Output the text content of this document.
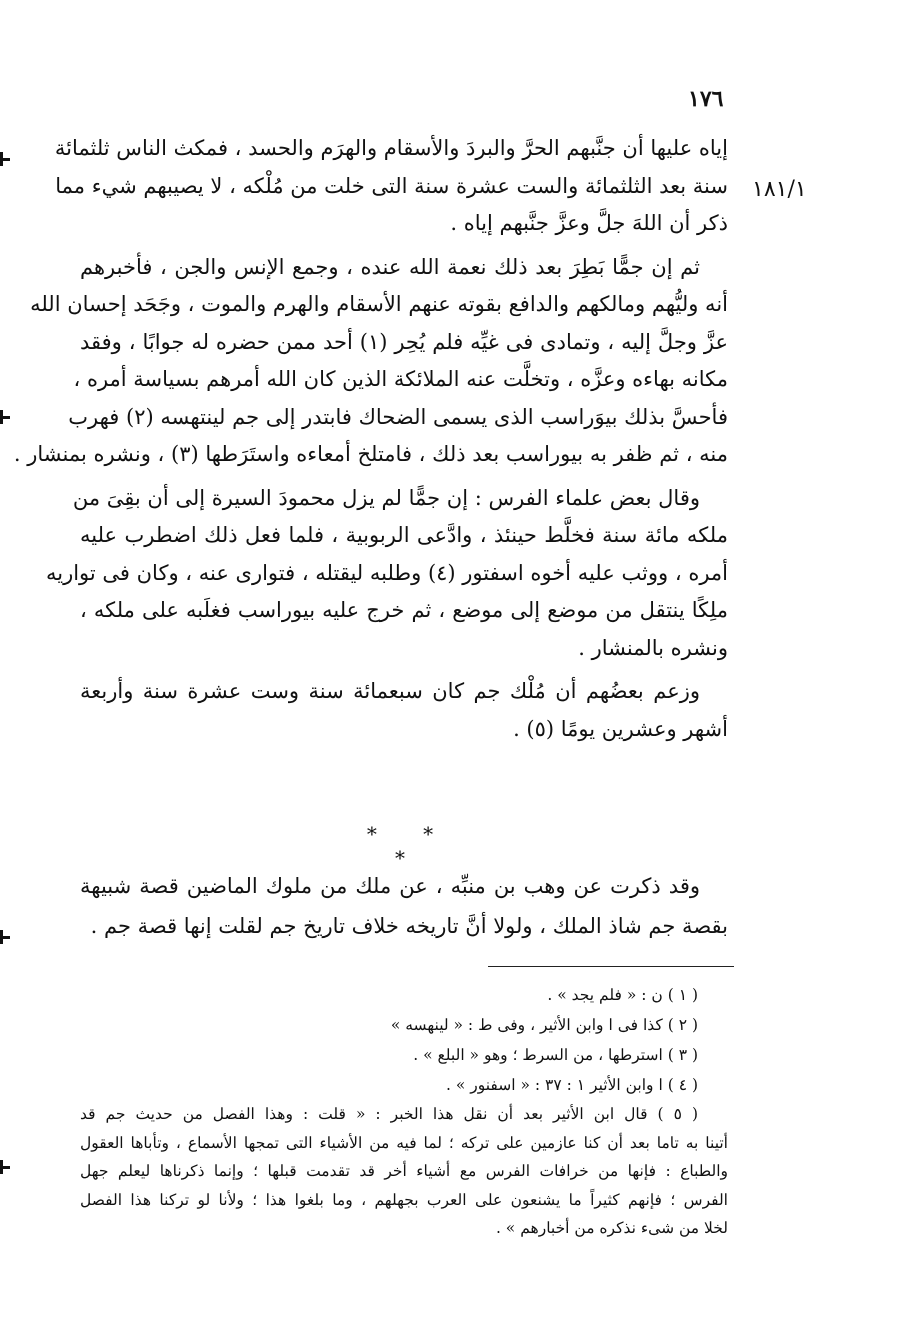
١٧٦
١٨١/١
إياه عليها أن جنَّبهم الحرَّ والبردَ والأسقام والهرَم والحسد ، فمكث الناس ثلثمائة
سنة بعد الثلثمائة والست عشرة سنة التى خلت من مُلْكه ، لا يصيبهم شيء مما
ذكر أن اللهَ جلَّ وعزَّ جنَّبهم إياه .
ثم إن جمًّا بَطِرَ بعد ذلك نعمة الله عنده ، وجمع الإنس والجن ، فأخبرهم
أنه وليُّهم ومالكهم والدافع بقوته عنهم الأسقام والهرم والموت ، وجَحَد إحسان الله
عزَّ وجلَّ إليه ، وتمادى فى غيِّه فلم يُحِر (١) أحد ممن حضره له جوابًا ، وفقد
مكانه بهاءه وعزَّه ، وتخلَّت عنه الملائكة الذين كان الله أمرهم بسياسة أمره ،
فأحسَّ بذلك بيوَراسب الذى يسمى الضحاك فابتدر إلى جم لينتهسه (٢) فهرب
منه ، ثم ظفر به بيوراسب بعد ذلك ، فامتلخ أمعاءه واستَرَطها (٣) ، ونشره بمنشار .
وقال بعض علماء الفرس : إن جمًّا لم يزل محمودَ السيرة إلى أن بقِىَ من
ملكه مائة سنة فخلَّط حينئذ ، وادَّعى الربوبية ، فلما فعل ذلك اضطرب عليه
أمره ، ووثب عليه أخوه اسفتور (٤) وطلبه ليقتله ، فتوارى عنه ، وكان فى تواريه
ملِكًا ينتقل من موضع إلى موضع ، ثم خرج عليه بيوراسب فغلَبه على ملكه ،
ونشره بالمنشار .
وزعم بعضُهم أن مُلْك جم كان سبعمائة سنة وست عشرة سنة وأربعة
أشهر وعشرين يومًا (٥) .
* * *
وقد ذكرت عن وهب بن منبِّه ، عن ملك من ملوك الماضين قصة شبيهة
بقصة جم شاذ الملك ، ولولا أنَّ تاريخه خلاف تاريخ جم لقلت إنها قصة جم .
( ١ ) ن : « فلم يجد » .
( ٢ ) كذا فى ا وابن الأثير ، وفى ط : « لينهسه »
( ٣ ) استرطها ، من السرط ؛ وهو « البلع » .
( ٤ ) ا وابن الأثير ١ : ٣٧ : « اسفنور » .
( ٥ ) قال ابن الأثير بعد أن نقل هذا الخبر : « قلت : وهذا الفصل من حديث جم قد
أتينا به تاما بعد أن كنا عازمين على تركه ؛ لما فيه من الأشياء التى تمجها الأسماع ، وتأباها العقول
والطباع : فإنها من خرافات الفرس مع أشياء أخر قد تقدمت قبلها ؛ وإنما ذكرناها ليعلم جهل
الفرس ؛ فإنهم كثيراً ما يشنعون على العرب بجهلهم ، وما بلغوا هذا ؛ ولأنا لو تركنا هذا الفصل
لخلا من شىء نذكره من أخبارهم » .
